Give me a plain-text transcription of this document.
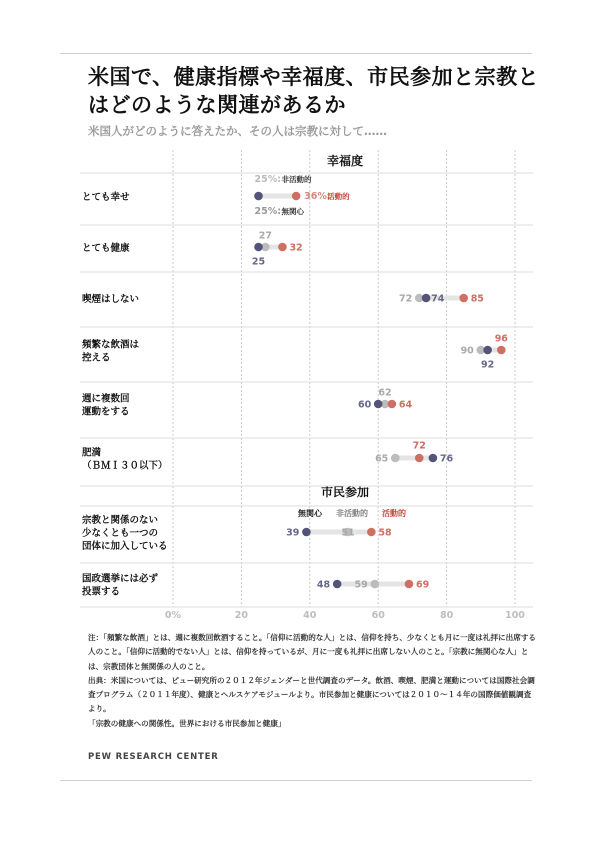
米国で、健康指標や幸福度、市民参加と宗教とはどのような関連があるか

米国人がどのように答えたか、その人は宗教に対して……

0%	20	40	60	80	100
幸福度
市民参加
とても幸せ
とても健康
喫煙はしない
頻繁な飲酒は
控える
週に複数回
運動をする
肥満
（ＢＭＩ３０以下）
宗教と関係のない
少なくとも一つの
団体に加入している
国政選挙には必ず
投票する
無関心 非活動的 活動的
25%: 非活動的
36%:
活動的
25%: 無関心
27
32
25
72	85
74
90
96
92
62
64
60
65
72
76
51 58
39
59	69
48

注：「頻繁な飲酒」とは、週に複数回飲酒すること。「信仰に活動的な人」とは、信仰を持ち、少なくとも月に一度は礼拝に出席する人のこと。「信仰に活動的でない人」とは、信仰を持っているが、月に一度も礼拝に出席しない人のこと。「宗教に無関心な人」とは、宗教団体と無関係の人のこと。

出典：米国については、ピュー研究所の２０１２年ジェンダーと世代調査のデータ。飲酒、喫煙、肥満と運動については国際社会調査プログラム（２０１１年度）、健康とヘルスケアモジュールより。市民参加と健康については２０１０～１４年の国際価値観調査より。

「宗教の健康への関係性。世界における市民参加と健康」

PEW RESEARCH CENTER
